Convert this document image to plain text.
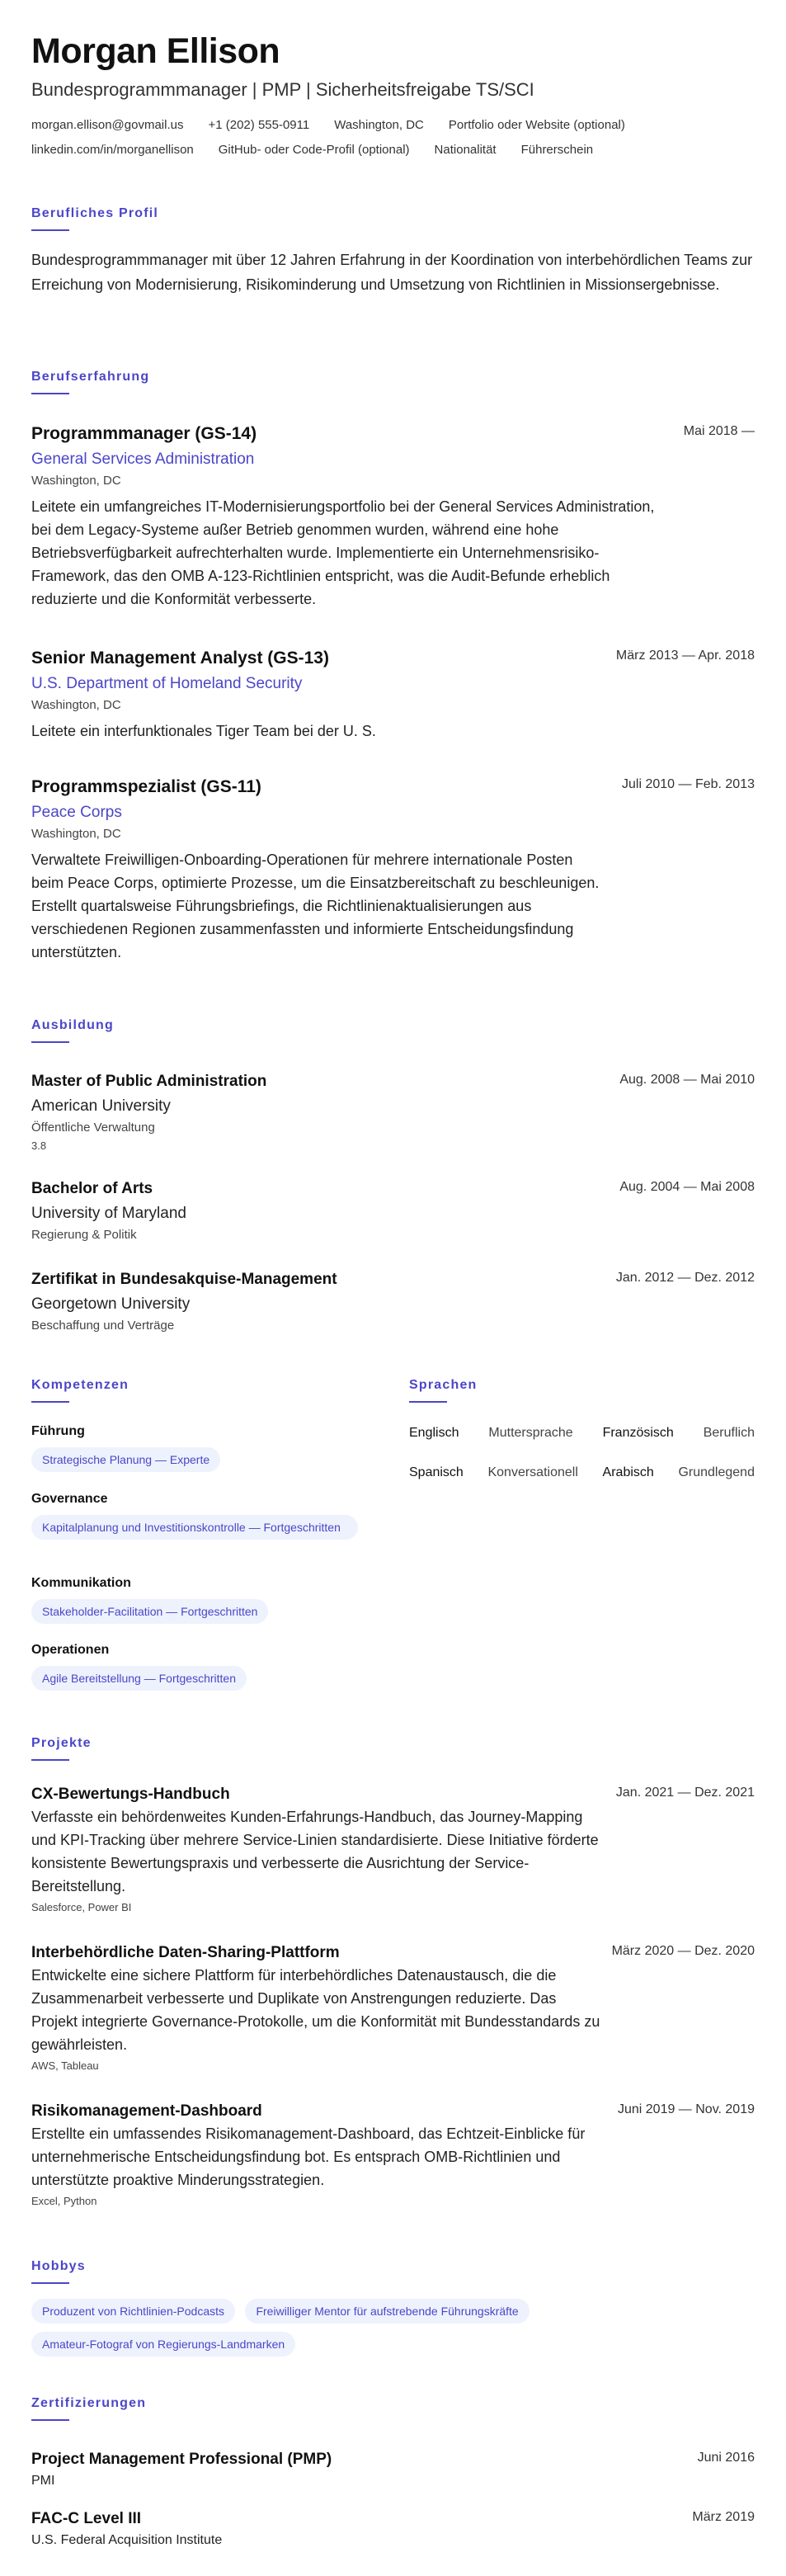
Morgan Ellison
Bundesprogrammmanager | PMP | Sicherheitsfreigabe TS/SCI
morgan.ellison@govmail.us +1 (202) 555-0911 Washington, DC Portfolio oder Website (optional)
linkedin.com/in/morganellison GitHub- oder Code-Profil (optional) Nationalität Führerschein
Berufliches Profil
Bundesprogrammmanager mit über 12 Jahren Erfahrung in der Koordination von interbehördlichen Teams zur Erreichung von Modernisierung, Risikominderung und Umsetzung von Richtlinien in Missionsergebnisse.
Berufserfahrung
Programmmanager (GS-14)	Mai 2018 —
General Services Administration
Washington, DC
Leitete ein umfangreiches IT-Modernisierungsportfolio bei der General Services Administration, bei dem Legacy-Systeme außer Betrieb genommen wurden, während eine hohe Betriebsverfügbarkeit aufrechterhalten wurde. Implementierte ein Unternehmensrisiko-Framework, das den OMB A-123-Richtlinien entspricht, was die Audit-Befunde erheblich reduzierte und die Konformität verbesserte.
Senior Management Analyst (GS-13)	März 2013 — Apr. 2018
U.S. Department of Homeland Security
Washington, DC
Leitete ein interfunktionales Tiger Team bei der U. S.
Programmspezialist (GS-11)	Juli 2010 — Feb. 2013
Peace Corps
Washington, DC
Verwaltete Freiwilligen-Onboarding-Operationen für mehrere internationale Posten beim Peace Corps, optimierte Prozesse, um die Einsatzbereitschaft zu beschleunigen. Erstellt quartalsweise Führungsbriefings, die Richtlinienaktualisierungen aus verschiedenen Regionen zusammenfassten und informierte Entscheidungsfindung unterstützten.
Ausbildung
Master of Public Administration	Aug. 2008 — Mai 2010
American University
Öffentliche Verwaltung
3.8
Bachelor of Arts	Aug. 2004 — Mai 2008
University of Maryland
Regierung & Politik
Zertifikat in Bundesakquise-Management	Jan. 2012 — Dez. 2012
Georgetown University
Beschaffung und Verträge
Kompetenzen
Führung
Strategische Planung — Experte
Governance
Kapitalplanung und Investitionskontrolle — Fortgeschritten
Kommunikation
Stakeholder-Facilitation — Fortgeschritten
Operationen
Agile Bereitstellung — Fortgeschritten
Sprachen
Englisch Muttersprache Französisch Beruflich
Spanisch Konversationell Arabisch Grundlegend
Projekte
CX-Bewertungs-Handbuch	Jan. 2021 — Dez. 2021
Verfasste ein behördenweites Kunden-Erfahrungs-Handbuch, das Journey-Mapping und KPI-Tracking über mehrere Service-Linien standardisierte. Diese Initiative förderte konsistente Bewertungspraxis und verbesserte die Ausrichtung der Service-Bereitstellung.
Salesforce, Power BI
Interbehördliche Daten-Sharing-Plattform	März 2020 — Dez. 2020
Entwickelte eine sichere Plattform für interbehördliches Datenaustausch, die die Zusammenarbeit verbesserte und Duplikate von Anstrengungen reduzierte. Das Projekt integrierte Governance-Protokolle, um die Konformität mit Bundesstandards zu gewährleisten.
AWS, Tableau
Risikomanagement-Dashboard	Juni 2019 — Nov. 2019
Erstellte ein umfassendes Risikomanagement-Dashboard, das Echtzeit-Einblicke für unternehmerische Entscheidungsfindung bot. Es entsprach OMB-Richtlinien und unterstützte proaktive Minderungsstrategien.
Excel, Python
Hobbys
Produzent von Richtlinien-Podcasts	Freiwilliger Mentor für aufstrebende Führungskräfte
Amateur-Fotograf von Regierungs-Landmarken
Zertifizierungen
Project Management Professional (PMP)	Juni 2016
PMI
FAC-C Level III	März 2019
U.S. Federal Acquisition Institute
